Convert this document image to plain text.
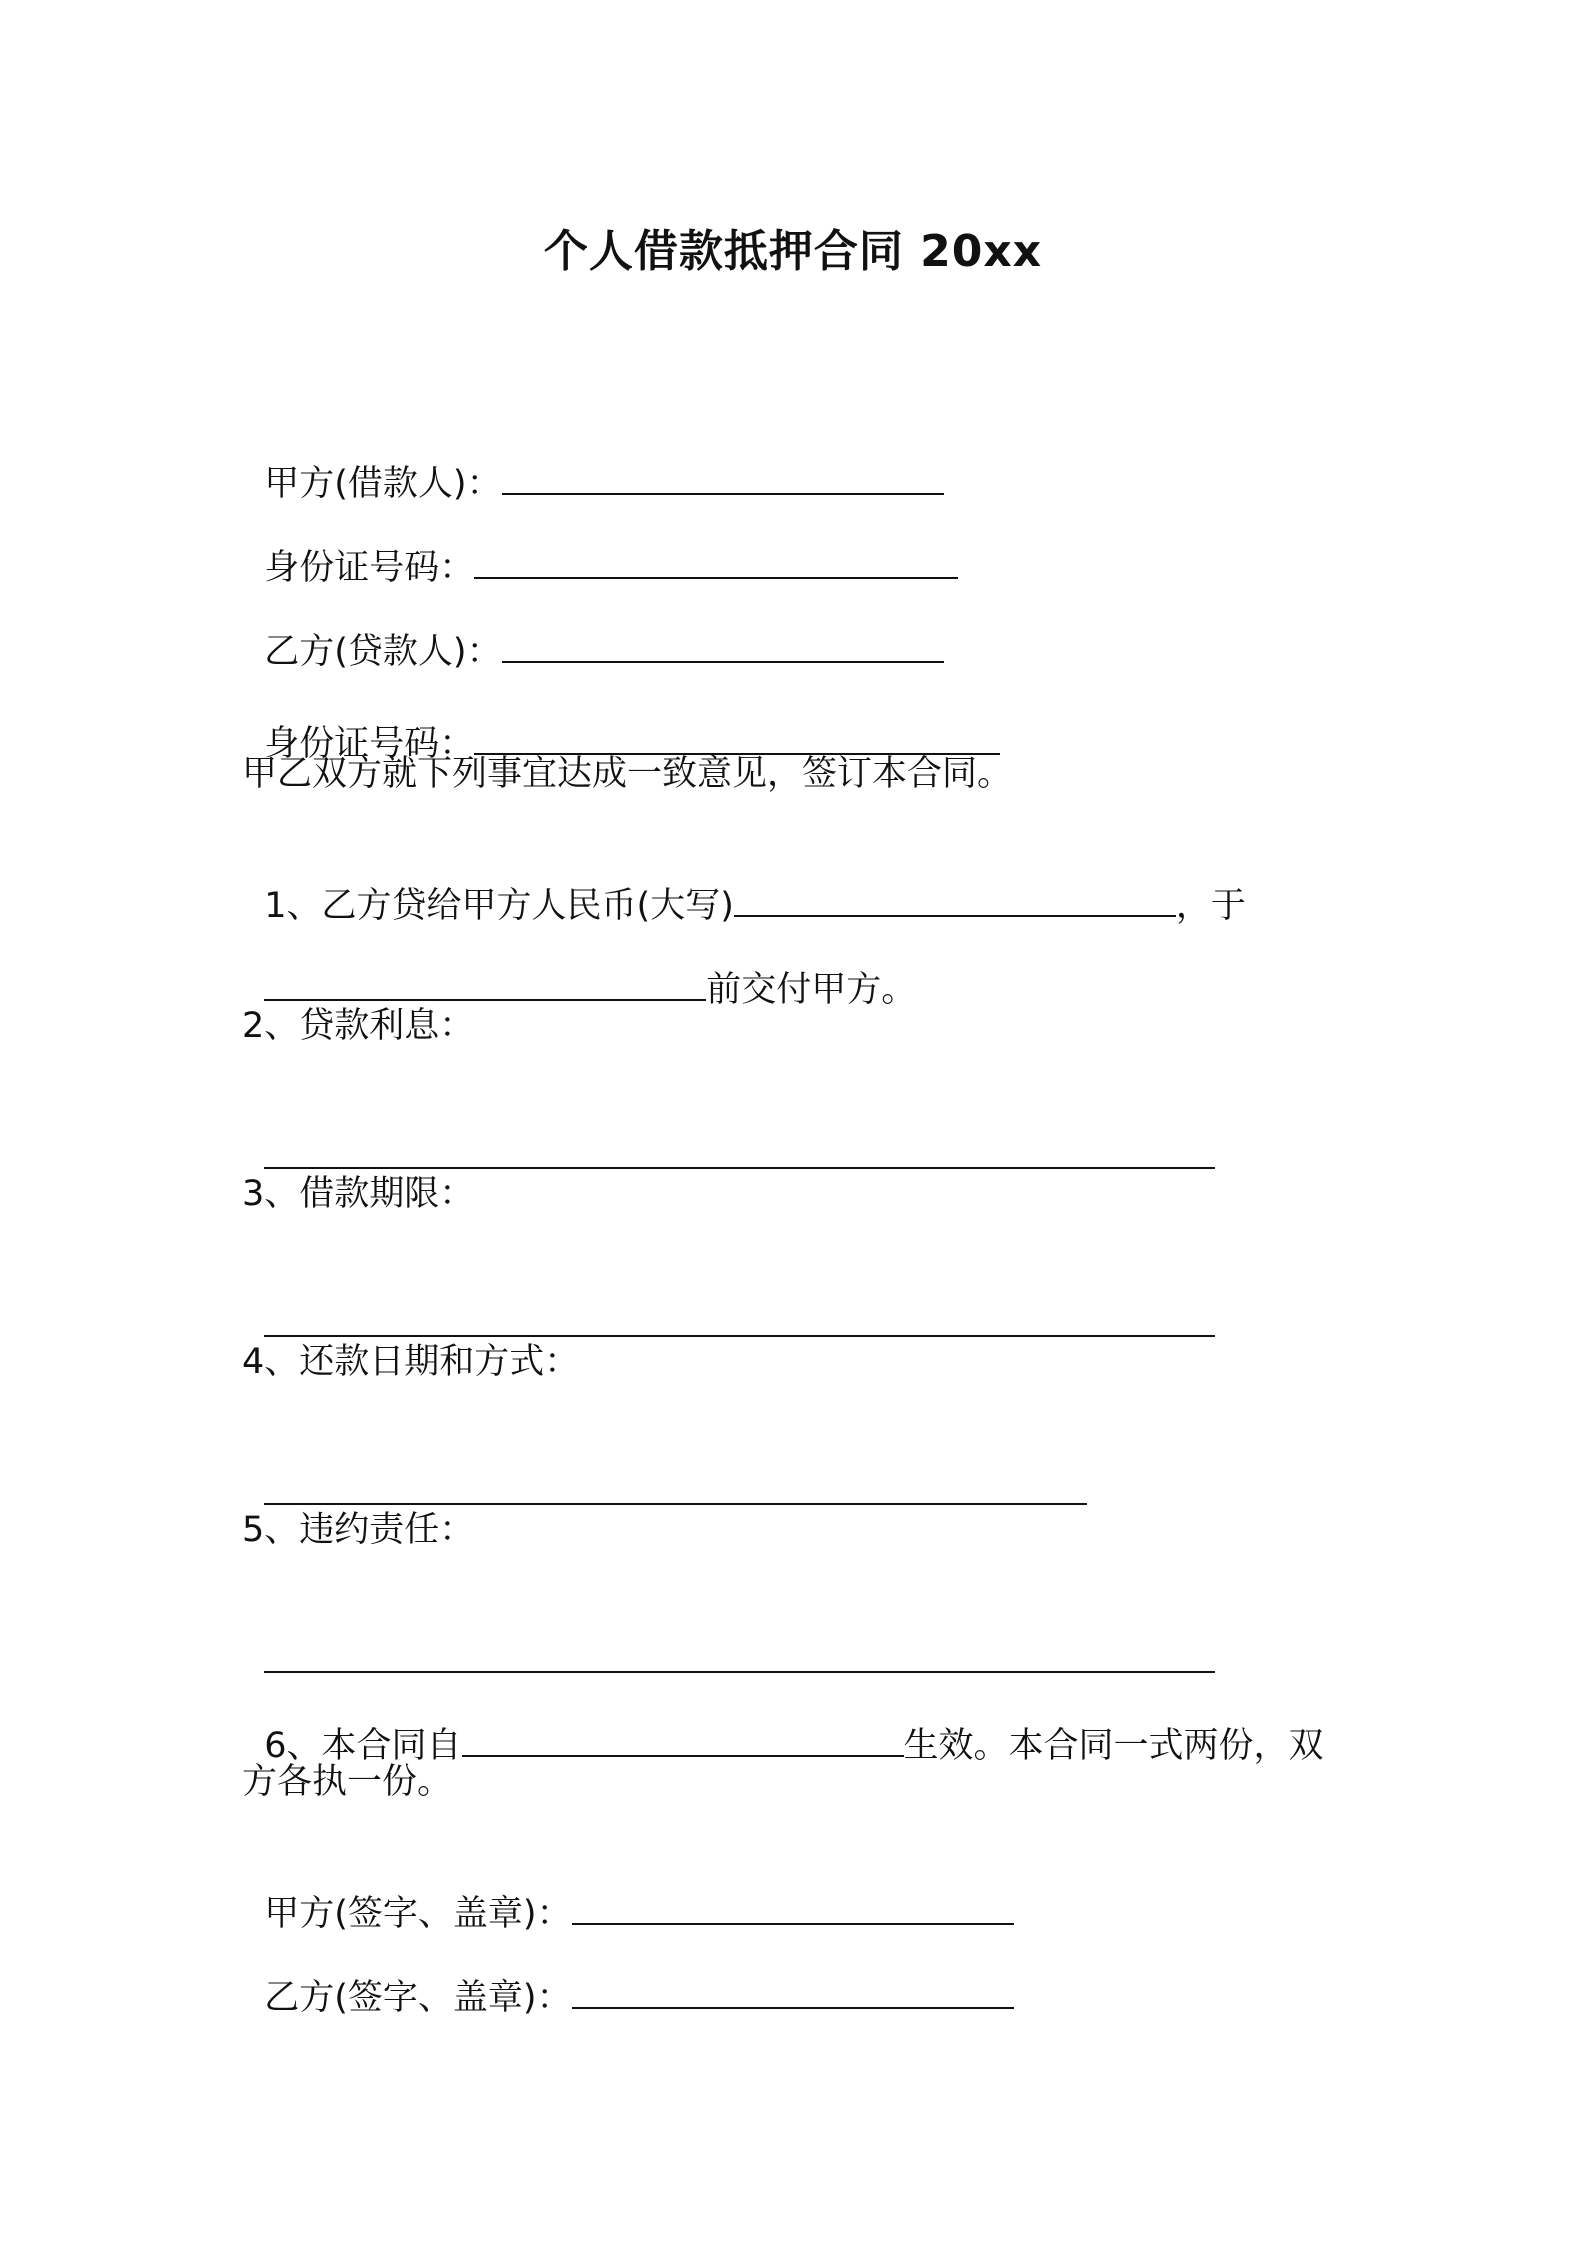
个人借款抵押合同 20xx

甲方(借款人)：

身份证号码：

乙方(贷款人)：

身份证号码：

甲乙双方就下列事宜达成一致意见，签订本合同。

1、乙方贷给甲方人民币(大写)	，于

前交付甲方。

2、贷款利息：

3、借款期限：

4、还款日期和方式：

5、违约责任：

6、本合同自	生效。本合同一式两份，双

方各执一份。

甲方(签字、盖章)：

乙方(签字、盖章)：
